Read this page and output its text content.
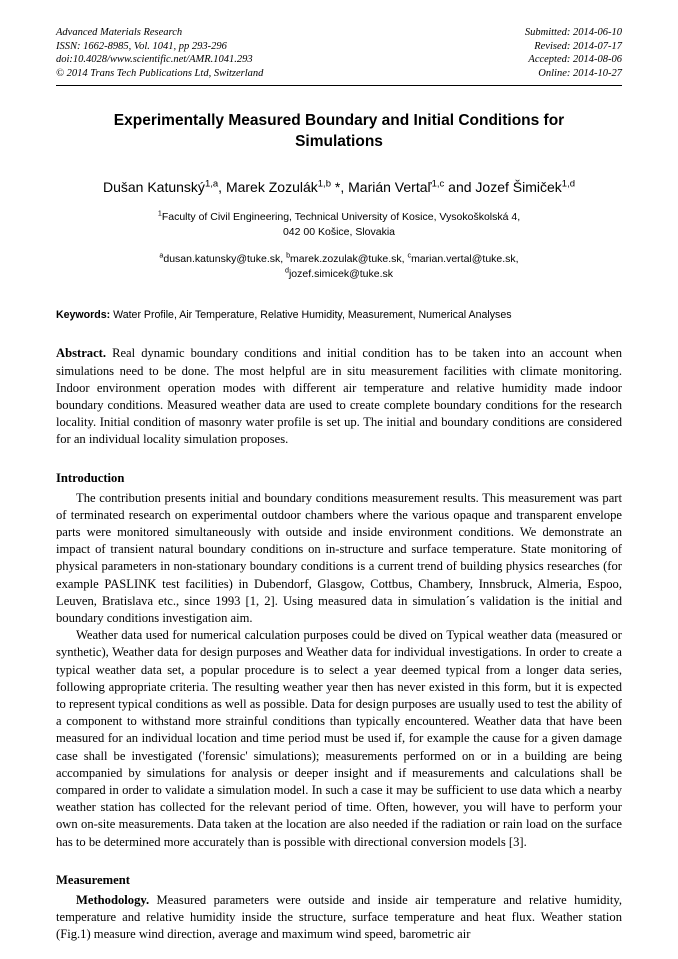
Advanced Materials Research
ISSN: 1662-8985, Vol. 1041, pp 293-296
doi:10.4028/www.scientific.net/AMR.1041.293
© 2014 Trans Tech Publications Ltd, Switzerland
Submitted: 2014-06-10
Revised: 2014-07-17
Accepted: 2014-08-06
Online: 2014-10-27
Experimentally Measured Boundary and Initial Conditions for Simulations
Dušan Katunský$^{1,a}$, Marek Zozulák$^{1,b}$ *, Marián Vertaľ$^{1,c}$ and Jozef Šimiček$^{1,d}$
$^1$Faculty of Civil Engineering, Technical University of Kosice, Vysokoškolská 4,
042 00 Košice, Slovakia
$^a$dusan.katunsky@tuke.sk, $^b$marek.zozulak@tuke.sk, $^c$marian.vertal@tuke.sk,
$^d$jozef.simicek@tuke.sk
Keywords: Water Profile, Air Temperature, Relative Humidity, Measurement, Numerical Analyses
Abstract. Real dynamic boundary conditions and initial condition has to be taken into an account when simulations need to be done. The most helpful are in situ measurement facilities with climate monitoring. Indoor environment operation modes with different air temperature and relative humidity made indoor boundary conditions. Measured weather data are used to create complete boundary conditions for the research locality. Initial condition of masonry water profile is set up. The initial and boundary conditions are considered for an individual locality simulation proposes.
Introduction

The contribution presents initial and boundary conditions measurement results. This measurement was part of terminated research on experimental outdoor chambers where the various opaque and transparent envelope parts were monitored simultaneously with outside and inside environment conditions. We demonstrate an impact of transient natural boundary conditions on in-structure and surface temperature. State monitoring of physical parameters in non-stationary boundary conditions is a current trend of building physics researches (for example PASLINK test facilities) in Dubendorf, Glasgow, Cottbus, Chambery, Innsbruck, Almeria, Espoo, Leuven, Bratislava etc., since 1993 [1, 2]. Using measured data in simulation´s validation is the initial and boundary conditions investigation aim.

Weather data used for numerical calculation purposes could be dived on Typical weather data (measured or synthetic), Weather data for design purposes and Weather data for individual investigations. In order to create a typical weather data set, a popular procedure is to select a year deemed typical from a longer data series, following appropriate criteria. The resulting weather year then has never existed in this form, but it is expected to represent typical conditions as well as possible. Data for design purposes are usually used to test the ability of a component to withstand more strainful conditions than typically encountered. Weather data that have been measured for an individual location and time period must be used if, for example the cause for a given damage case shall be investigated ('forensic' simulations); measurements performed on or in a building are being accompanied by simulations for analysis or deeper insight and if measurements and calculations shall be compared in order to validate a simulation model. In such a case it may be sufficient to use data which a nearby weather station has collected for the relevant period of time. Often, however, you will have to perform your own on-site measurements. Data taken at the location are also needed if the radiation or rain load on the surface has to be determined more accurately than is possible with directional conversion models [3].

Measurement

Methodology. Measured parameters were outside and inside air temperature and relative humidity, temperature and relative humidity inside the structure, surface temperature and heat flux. Weather station (Fig.1) measure wind direction, average and maximum wind speed, barometric air
